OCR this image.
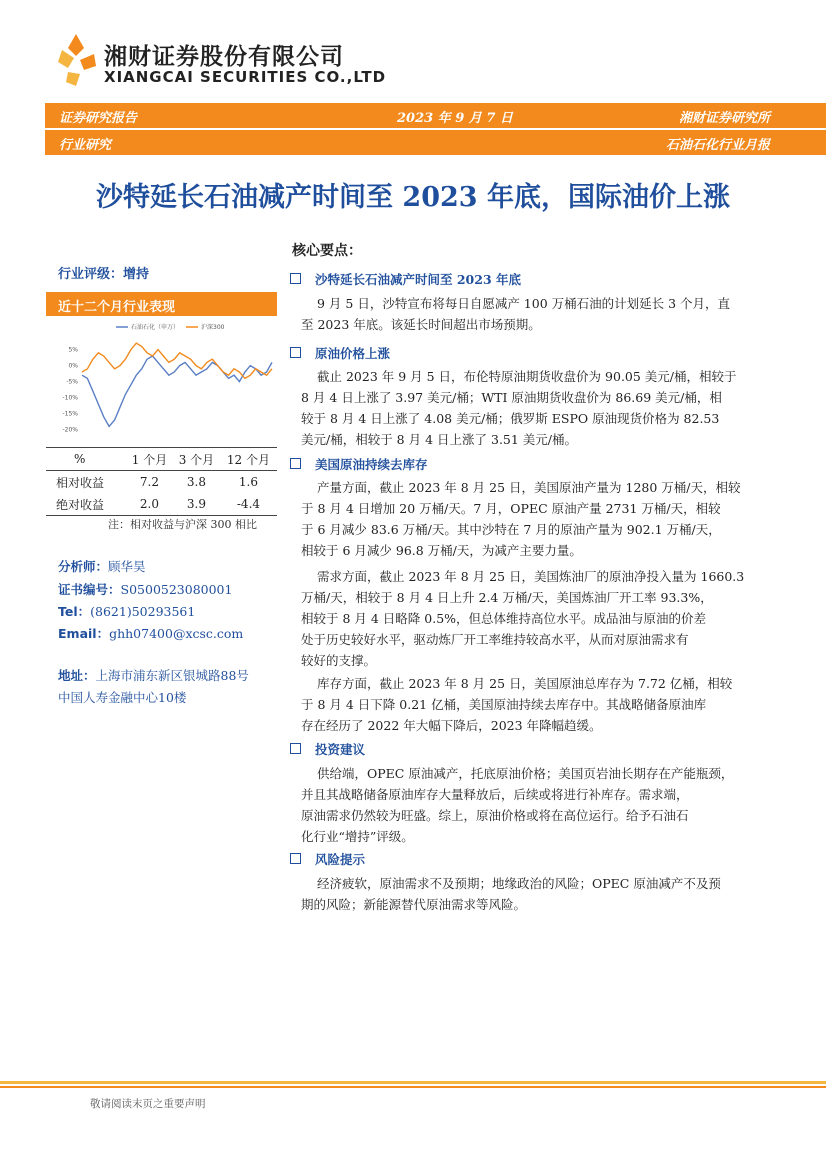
湘财证券股份有限公司
XIANGCAI SECURITIES CO.,LTD
证券研究报告	2023 年 9 月 7 日	湘财证券研究所
行业研究	石油石化行业月报
沙特延长石油减产时间至 2023 年底，国际油价上涨
行业评级：增持
近十二个月行业表现
石油石化（申万）	沪深300
5%
0%
-5%
-10%
-15%
-20%
%	1 个月	3 个月	12 个月
相对收益	7.2	3.8	1.6
绝对收益	2.0	3.9	-4.4
注：相对收益与沪深 300 相比
分析师：顾华昊
证书编号：S0500523080001
Tel：(8621)50293561
Email：ghh07400@xcsc.com
地址：上海市浦东新区银城路88号
中国人寿金融中心10楼
核心要点：
沙特延长石油减产时间至 2023 年底
9 月 5 日，沙特宣布将每日自愿减产 100 万桶石油的计划延长 3 个月，直
至 2023 年底。该延长时间超出市场预期。
原油价格上涨
截止 2023 年 9 月 5 日，布伦特原油期货收盘价为 90.05 美元/桶，相较于
8 月 4 日上涨了 3.97 美元/桶；WTI 原油期货收盘价为 86.69 美元/桶，相
较于 8 月 4 日上涨了 4.08 美元/桶；俄罗斯 ESPO 原油现货价格为 82.53
美元/桶，相较于 8 月 4 日上涨了 3.51 美元/桶。
美国原油持续去库存
产量方面，截止 2023 年 8 月 25 日，美国原油产量为 1280 万桶/天，相较
于 8 月 4 日增加 20 万桶/天。7 月，OPEC 原油产量 2731 万桶/天，相较
于 6 月减少 83.6 万桶/天。其中沙特在 7 月的原油产量为 902.1 万桶/天，
相较于 6 月减少 96.8 万桶/天，为减产主要力量。
需求方面，截止 2023 年 8 月 25 日，美国炼油厂的原油净投入量为 1660.3
万桶/天，相较于 8 月 4 日上升 2.4 万桶/天，美国炼油厂开工率 93.3%，
相较于 8 月 4 日略降 0.5%，但总体维持高位水平。成品油与原油的价差
处于历史较好水平，驱动炼厂开工率维持较高水平，从而对原油需求有
较好的支撑。
库存方面，截止 2023 年 8 月 25 日，美国原油总库存为 7.72 亿桶，相较
于 8 月 4 日下降 0.21 亿桶，美国原油持续去库存中。其战略储备原油库
存在经历了 2022 年大幅下降后，2023 年降幅趋缓。
投资建议
供给端，OPEC 原油减产，托底原油价格；美国页岩油长期存在产能瓶颈，
并且其战略储备原油库存大量释放后，后续或将进行补库存。需求端，
原油需求仍然较为旺盛。综上，原油价格或将在高位运行。给予石油石
化行业“增持”评级。
风险提示
经济疲软，原油需求不及预期；地缘政治的风险；OPEC 原油减产不及预
期的风险；新能源替代原油需求等风险。
敬请阅读末页之重要声明
